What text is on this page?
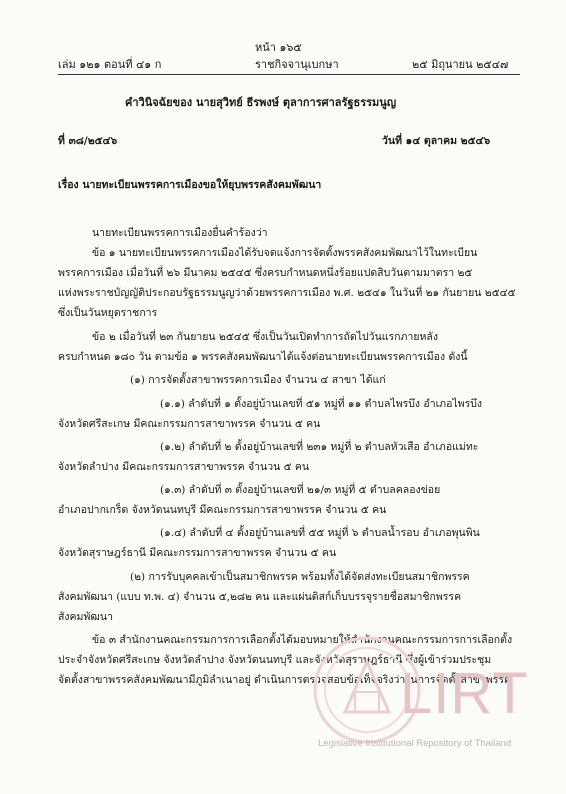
หน้า ๑๖๕
เล่ม ๑๒๑ ตอนที่ ๔๑ ก	ราชกิจจานุเบกษา	๒๕ มิถุนายน ๒๕๔๗
คำวินิจฉัยของ นายสุวิทย์ ธีรพงษ์ ตุลาการศาลรัฐธรรมนูญ
ที่ ๓๘/๒๕๔๖	วันที่ ๑๔ ตุลาคม ๒๕๔๖
เรื่อง นายทะเบียนพรรคการเมืองขอให้ยุบพรรคสังคมพัฒนา
นายทะเบียนพรรคการเมืองยื่นคำร้องว่า
ข้อ ๑ นายทะเบียนพรรคการเมืองได้รับจดแจ้งการจัดตั้งพรรคสังคมพัฒนาไว้ในทะเบียน
พรรคการเมือง เมื่อวันที่ ๒๖ มีนาคม ๒๕๔๕ ซึ่งครบกำหนดหนึ่งร้อยแปดสิบวันตามมาตรา ๒๕
แห่งพระราชบัญญัติประกอบรัฐธรรมนูญว่าด้วยพรรคการเมือง พ.ศ. ๒๕๔๑ ในวันที่ ๒๑ กันยายน ๒๕๔๕
ซึ่งเป็นวันหยุดราชการ
ข้อ ๒ เมื่อวันที่ ๒๓ กันยายน ๒๕๔๕ ซึ่งเป็นวันเปิดทำการถัดไปวันแรกภายหลัง
ครบกำหนด ๑๘๐ วัน ตามข้อ ๑ พรรคสังคมพัฒนาได้แจ้งต่อนายทะเบียนพรรคการเมือง ดังนี้
(๑) การจัดตั้งสาขาพรรคการเมือง จำนวน ๔ สาขา ได้แก่
(๑.๑) ลำดับที่ ๑ ตั้งอยู่บ้านเลขที่ ๕๑ หมู่ที่ ๑๑ ตำบลไพรบึง อำเภอไพรบึง
จังหวัดศรีสะเกษ มีคณะกรรมการสาขาพรรค จำนวน ๕ คน
(๑.๒) ลำดับที่ ๒ ตั้งอยู่บ้านเลขที่ ๒๓๑ หมู่ที่ ๒ ตำบลหัวเสือ อำเภอแม่ทะ
จังหวัดลำปาง มีคณะกรรมการสาขาพรรค จำนวน ๕ คน
(๑.๓) ลำดับที่ ๓ ตั้งอยู่บ้านเลขที่ ๒๑/๓ หมู่ที่ ๕ ตำบลคลองข่อย
อำเภอปากเกร็ด จังหวัดนนทบุรี มีคณะกรรมการสาขาพรรค จำนวน ๕ คน
(๑.๔) ลำดับที่ ๔ ตั้งอยู่บ้านเลขที่ ๕๕ หมู่ที่ ๖ ตำบลน้ำรอบ อำเภอพุนพิน
จังหวัดสุราษฎร์ธานี มีคณะกรรมการสาขาพรรค จำนวน ๕ คน
(๒) การรับบุคคลเข้าเป็นสมาชิกพรรค พร้อมทั้งได้จัดส่งทะเบียนสมาชิกพรรค
สังคมพัฒนา (แบบ ท.พ. ๔) จำนวน ๕,๒๘๒ คน และแผ่นดิสก์เก็บบรรจุรายชื่อสมาชิกพรรค
สังคมพัฒนา
ข้อ ๓ สำนักงานคณะกรรมการการเลือกตั้งได้มอบหมายให้สำนักงานคณะกรรมการการเลือกตั้ง
ประจำจังหวัดศรีสะเกษ จังหวัดลำปาง จังหวัดนนทบุรี และจังหวัดสุราษฎร์ธานี ซึ่งผู้เข้าร่วมประชุม
จัดตั้งสาขาพรรคสังคมพัฒนามีภูมิลำเนาอยู่ ดำเนินการตรวจสอบข้อเท็จจริงว่าในการจัดตั้งสาขาพรรค
LIRT
Legislative Institutional Repository of Thailand
